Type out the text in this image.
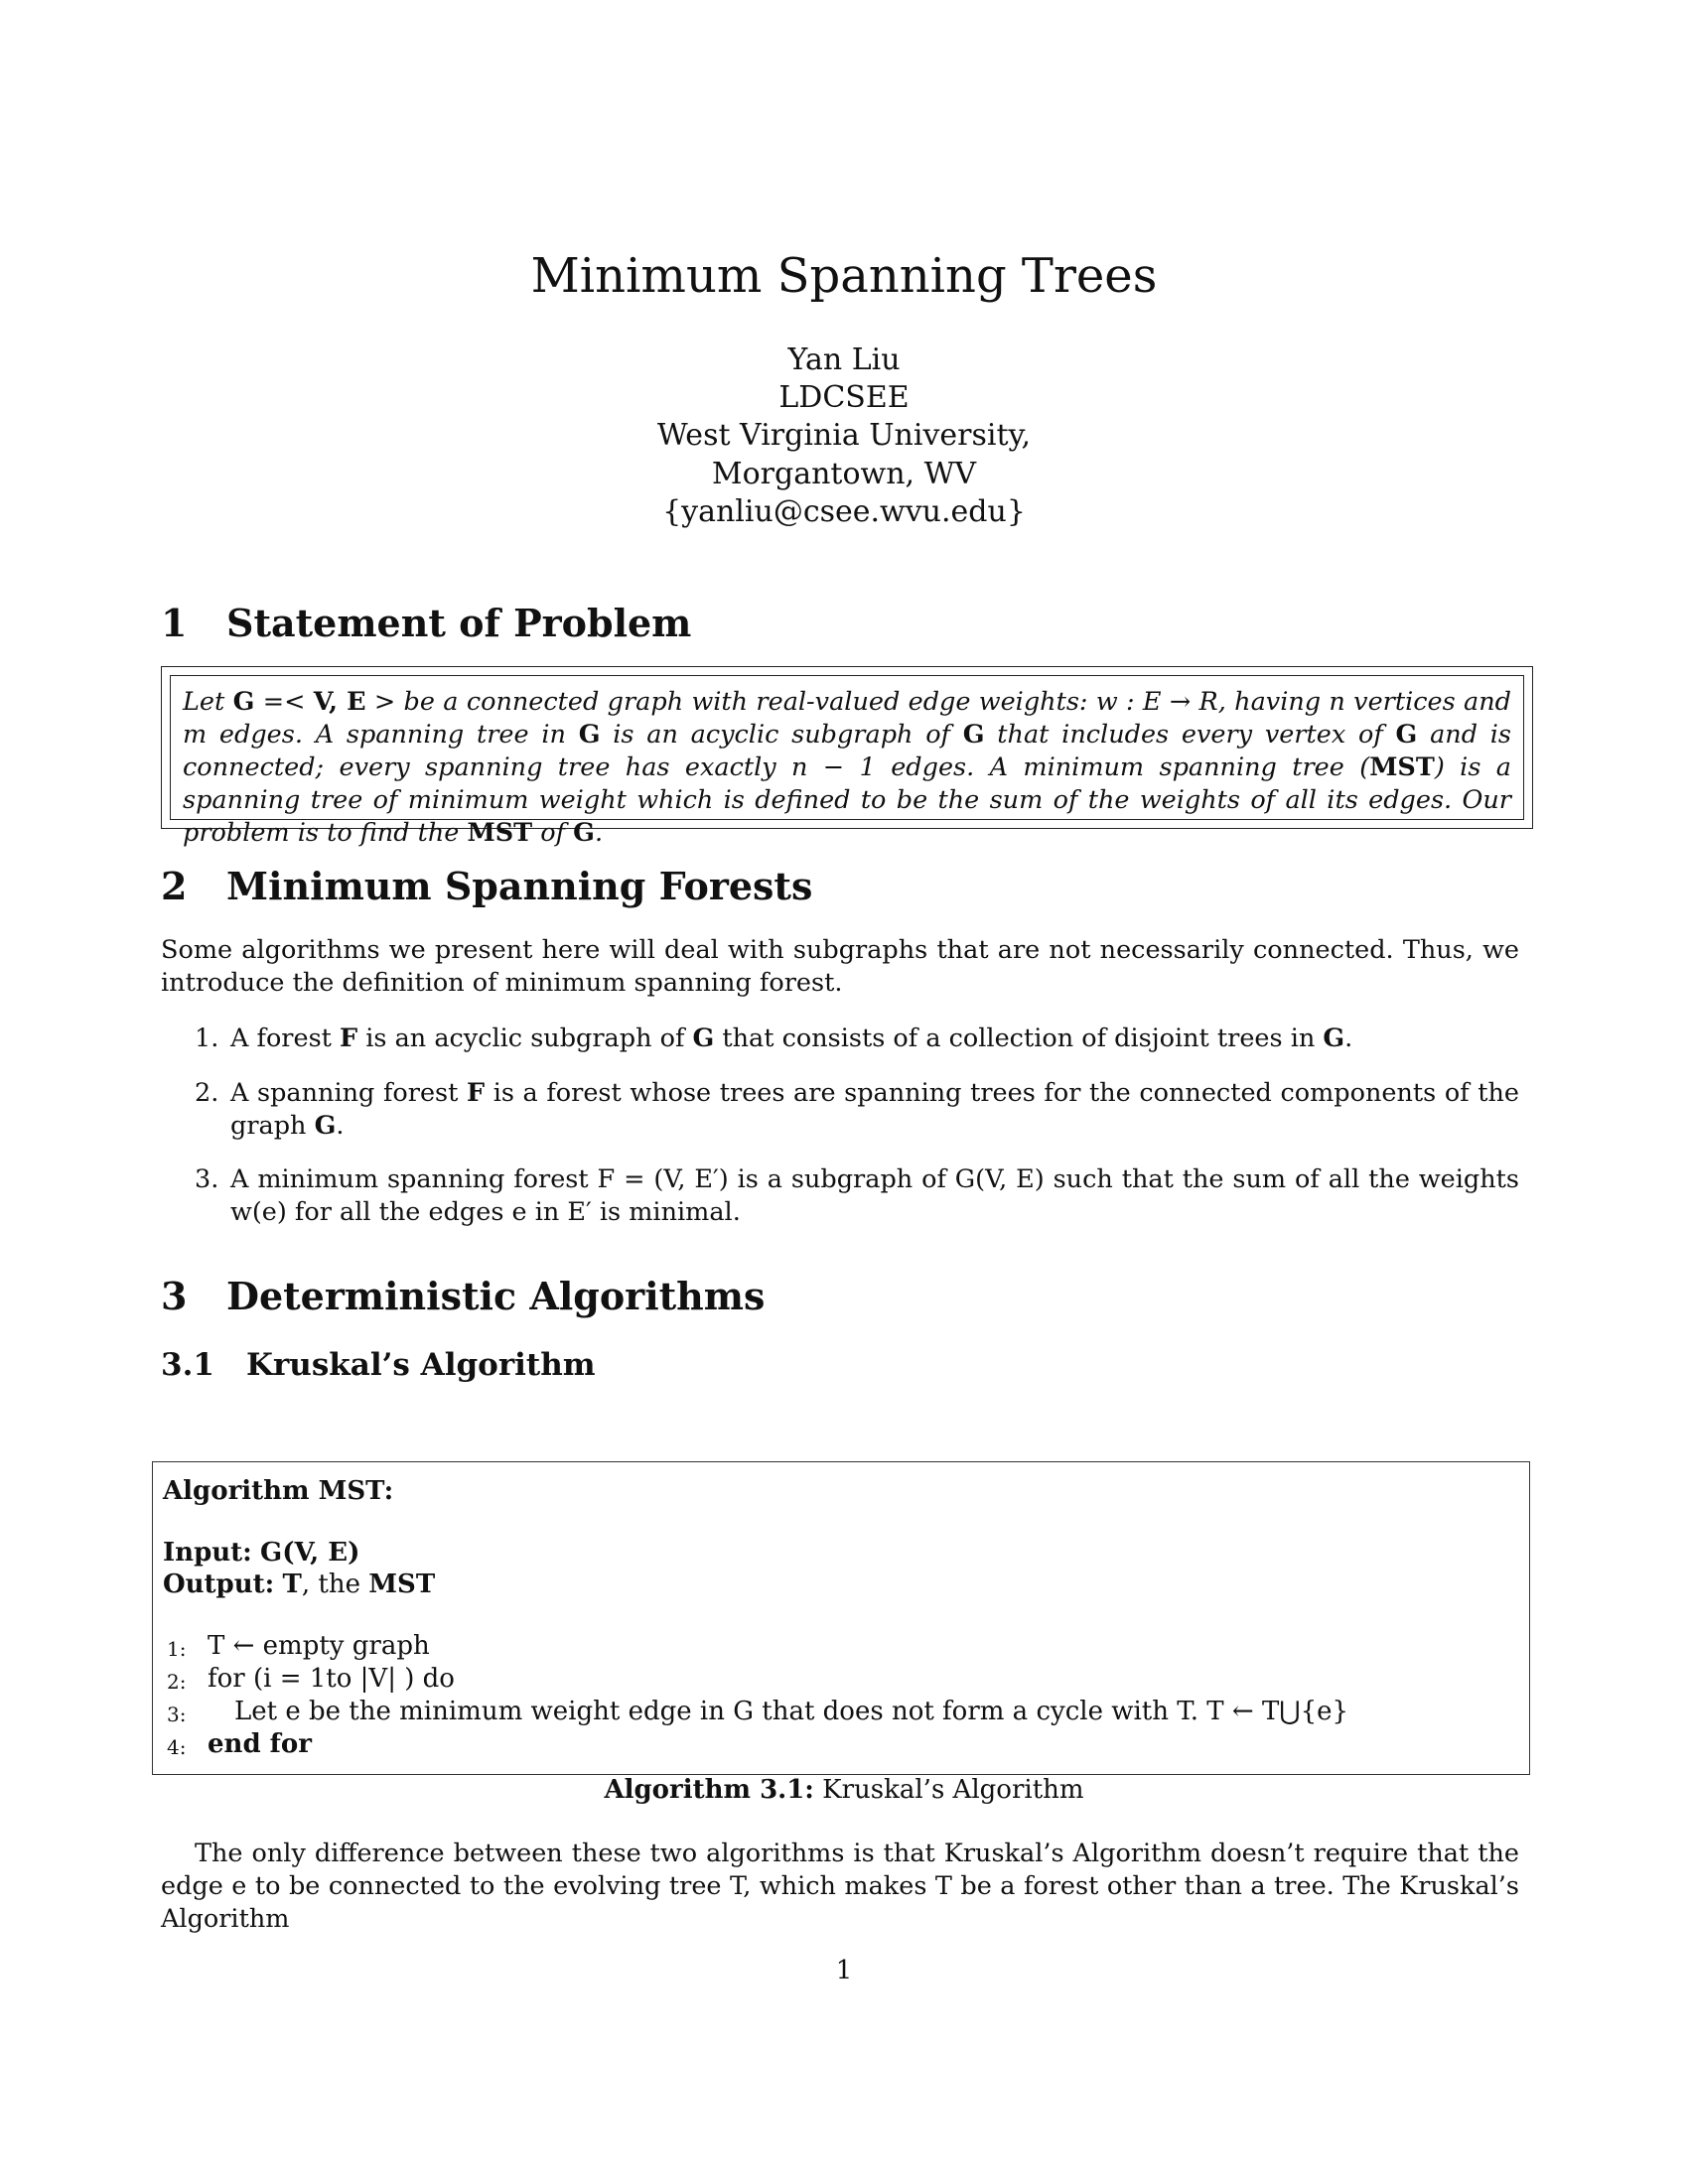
Minimum Spanning Trees
Yan Liu
LDCSEE
West Virginia University,
Morgantown, WV
{yanliu@csee.wvu.edu}
1 Statement of Problem
Let G =< V, E > be a connected graph with real-valued edge weights: w : E → R, having n vertices and m edges. A spanning tree in G is an acyclic subgraph of G that includes every vertex of G and is connected; every spanning tree has exactly n − 1 edges. A minimum spanning tree (MST) is a spanning tree of minimum weight which is defined to be the sum of the weights of all its edges. Our problem is to find the MST of G.
2 Minimum Spanning Forests
Some algorithms we present here will deal with subgraphs that are not necessarily connected. Thus, we introduce the definition of minimum spanning forest.
1. A forest F is an acyclic subgraph of G that consists of a collection of disjoint trees in G.
2. A spanning forest F is a forest whose trees are spanning trees for the connected components of the graph G.
3. A minimum spanning forest F = (V, E′) is a subgraph of G(V, E) such that the sum of all the weights w(e) for all the edges e in E′ is minimal.
3 Deterministic Algorithms
3.1 Kruskal’s Algorithm
Algorithm MST:
Input: G(V, E)
Output: T, the MST
1: T ← empty graph
2: for (i = 1to |V| ) do
3: Let e be the minimum weight edge in G that does not form a cycle with T. T ← T⋃{e}
4: end for
Algorithm 3.1: Kruskal’s Algorithm
The only difference between these two algorithms is that Kruskal’s Algorithm doesn’t require that the edge e to be connected to the evolving tree T, which makes T be a forest other than a tree. The Kruskal’s Algorithm
1
